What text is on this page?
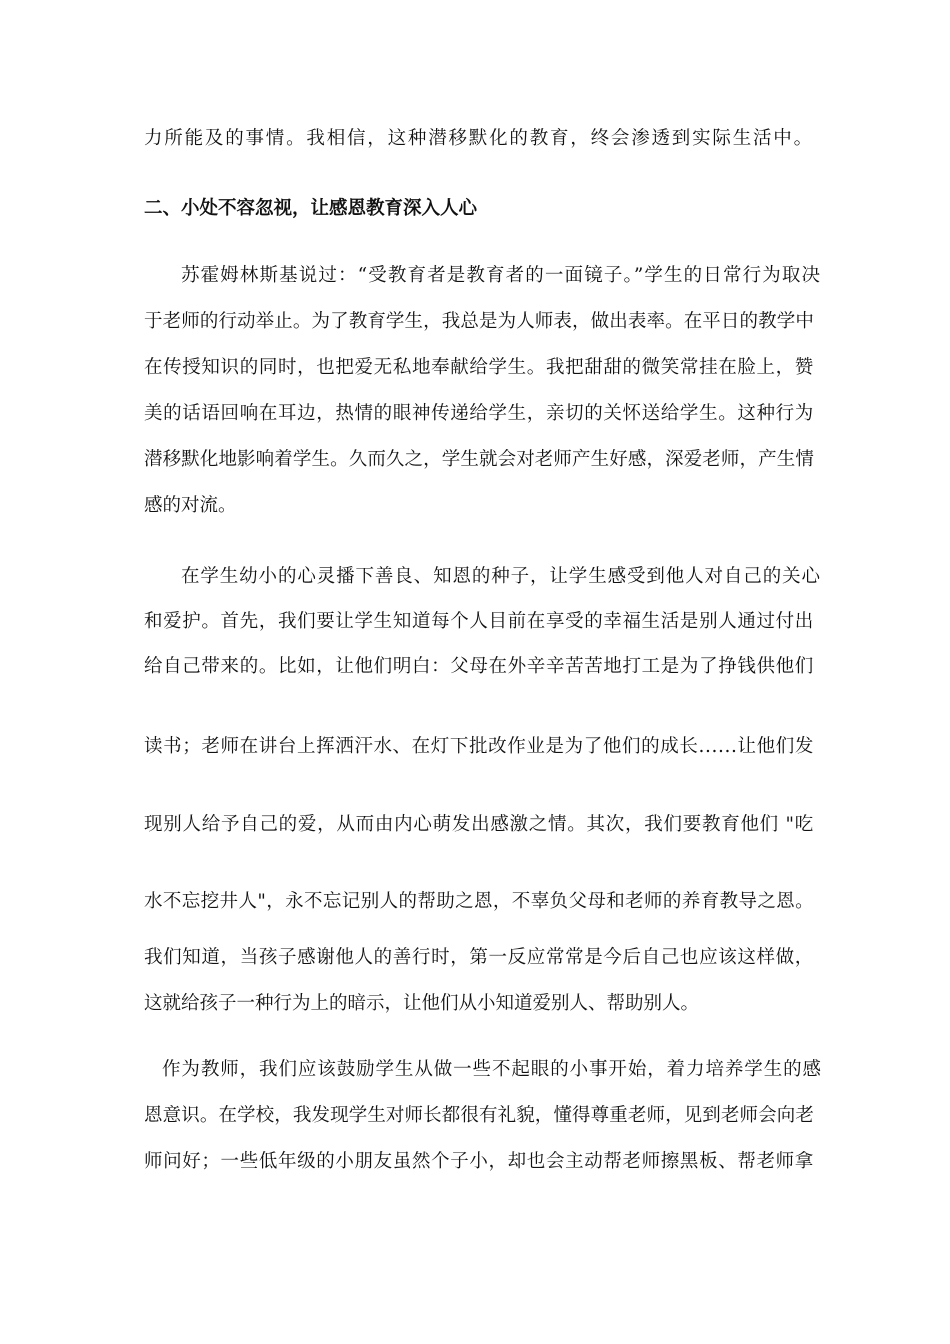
力所能及的事情。我相信，这种潜移默化的教育，终会渗透到实际生活中。
二、小处不容忽视，让感恩教育深入人心
苏霍姆林斯基说过：“受教育者是教育者的一面镜子。”学生的日常行为取决
于老师的行动举止。为了教育学生，我总是为人师表，做出表率。在平日的教学中
在传授知识的同时，也把爱无私地奉献给学生。我把甜甜的微笑常挂在脸上，赞
美的话语回响在耳边，热情的眼神传递给学生，亲切的关怀送给学生。这种行为
潜移默化地影响着学生。久而久之，学生就会对老师产生好感，深爱老师，产生情
感的对流。
在学生幼小的心灵播下善良、知恩的种子，让学生感受到他人对自己的关心
和爱护。首先，我们要让学生知道每个人目前在享受的幸福生活是别人通过付出
给自己带来的。比如，让他们明白：父母在外辛辛苦苦地打工是为了挣钱供他们
读书；老师在讲台上挥洒汗水、在灯下批改作业是为了他们的成长......让他们发
现别人给予自己的爱，从而由内心萌发出感激之情。其次，我们要教育他们 "吃
水不忘挖井人"，永不忘记别人的帮助之恩，不辜负父母和老师的养育教导之恩。
我们知道，当孩子感谢他人的善行时，第一反应常常是今后自己也应该这样做，
这就给孩子一种行为上的暗示，让他们从小知道爱别人、帮助别人。
作为教师，我们应该鼓励学生从做一些不起眼的小事开始，着力培养学生的感
恩意识。在学校，我发现学生对师长都很有礼貌，懂得尊重老师，见到老师会向老
师问好；一些低年级的小朋友虽然个子小，却也会主动帮老师擦黑板、帮老师拿
